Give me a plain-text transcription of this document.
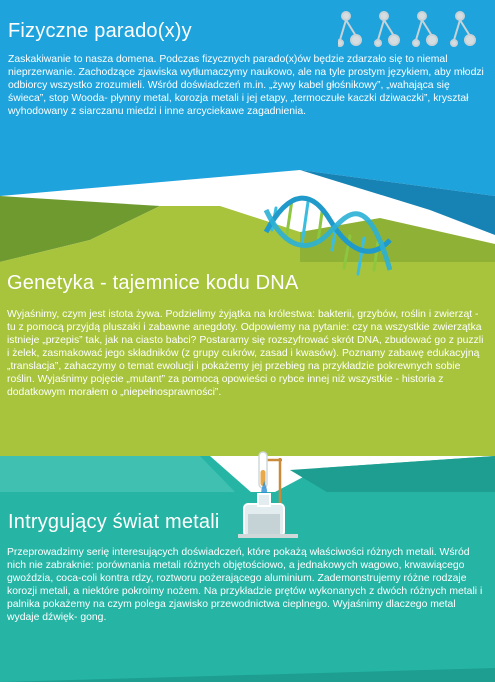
Fizyczne parado(x)y

Zaskakiwanie to nasza domena. Podczas fizycznych parado(x)ów będzie zdarzało się to niemal nieprzerwanie. Zachodzące zjawiska wytłumaczymy naukowo, ale na tyle prostym językiem, aby młodzi odbiorcy wszystko zrozumieli. Wśród doświadczeń m.in. „żywy kabel głośnikowy”, „wahająca się świeca”, stop Wooda- płynny metal, korozja metali i jej etapy, „termoczułe kaczki dziwaczki”, kryształ wyhodowany z siarczanu miedzi i inne arcyciekawe zagadnienia.

Genetyka - tajemnice kodu DNA

Wyjaśnimy, czym jest istota żywa. Podzielimy żyjątka na królestwa: bakterii, grzybów, roślin i zwierząt - tu z pomocą przyjdą pluszaki i zabawne anegdoty. Odpowiemy na pytanie: czy na wszystkie zwierzątka istnieje „przepis” tak, jak na ciasto babci? Postaramy się rozszyfrować skrót DNA, zbudować go z puzzli i żelek, zasmakować jego składników (z grupy cukrów, zasad i kwasów). Poznamy zabawę edukacyjną „translacja”, zahaczymy o temat ewolucji i pokażemy jej przebieg na przykładzie pokrewnych sobie roślin. Wyjaśnimy pojęcie „mutant” za pomocą opowieści o rybce innej niż wszystkie - historia z dodatkowym morałem o „niepełnosprawności”.

Intrygujący świat metali

Przeprowadzimy serię interesujących doświadczeń, które pokażą właściwości różnych metali. Wśród nich nie zabraknie: porównania metali różnych objętościowo, a jednakowych wagowo, krwawiącego gwoździa, coca-coli kontra rdzy, roztworu pożerającego aluminium. Zademonstrujemy różne rodzaje korozji metali, a niektóre pokroimy nożem. Na przykładzie prętów wykonanych z dwóch różnych metali i palnika pokażemy na czym polega zjawisko przewodnictwa cieplnego. Wyjaśnimy dlaczego metal wydaje dźwięk- gong.
